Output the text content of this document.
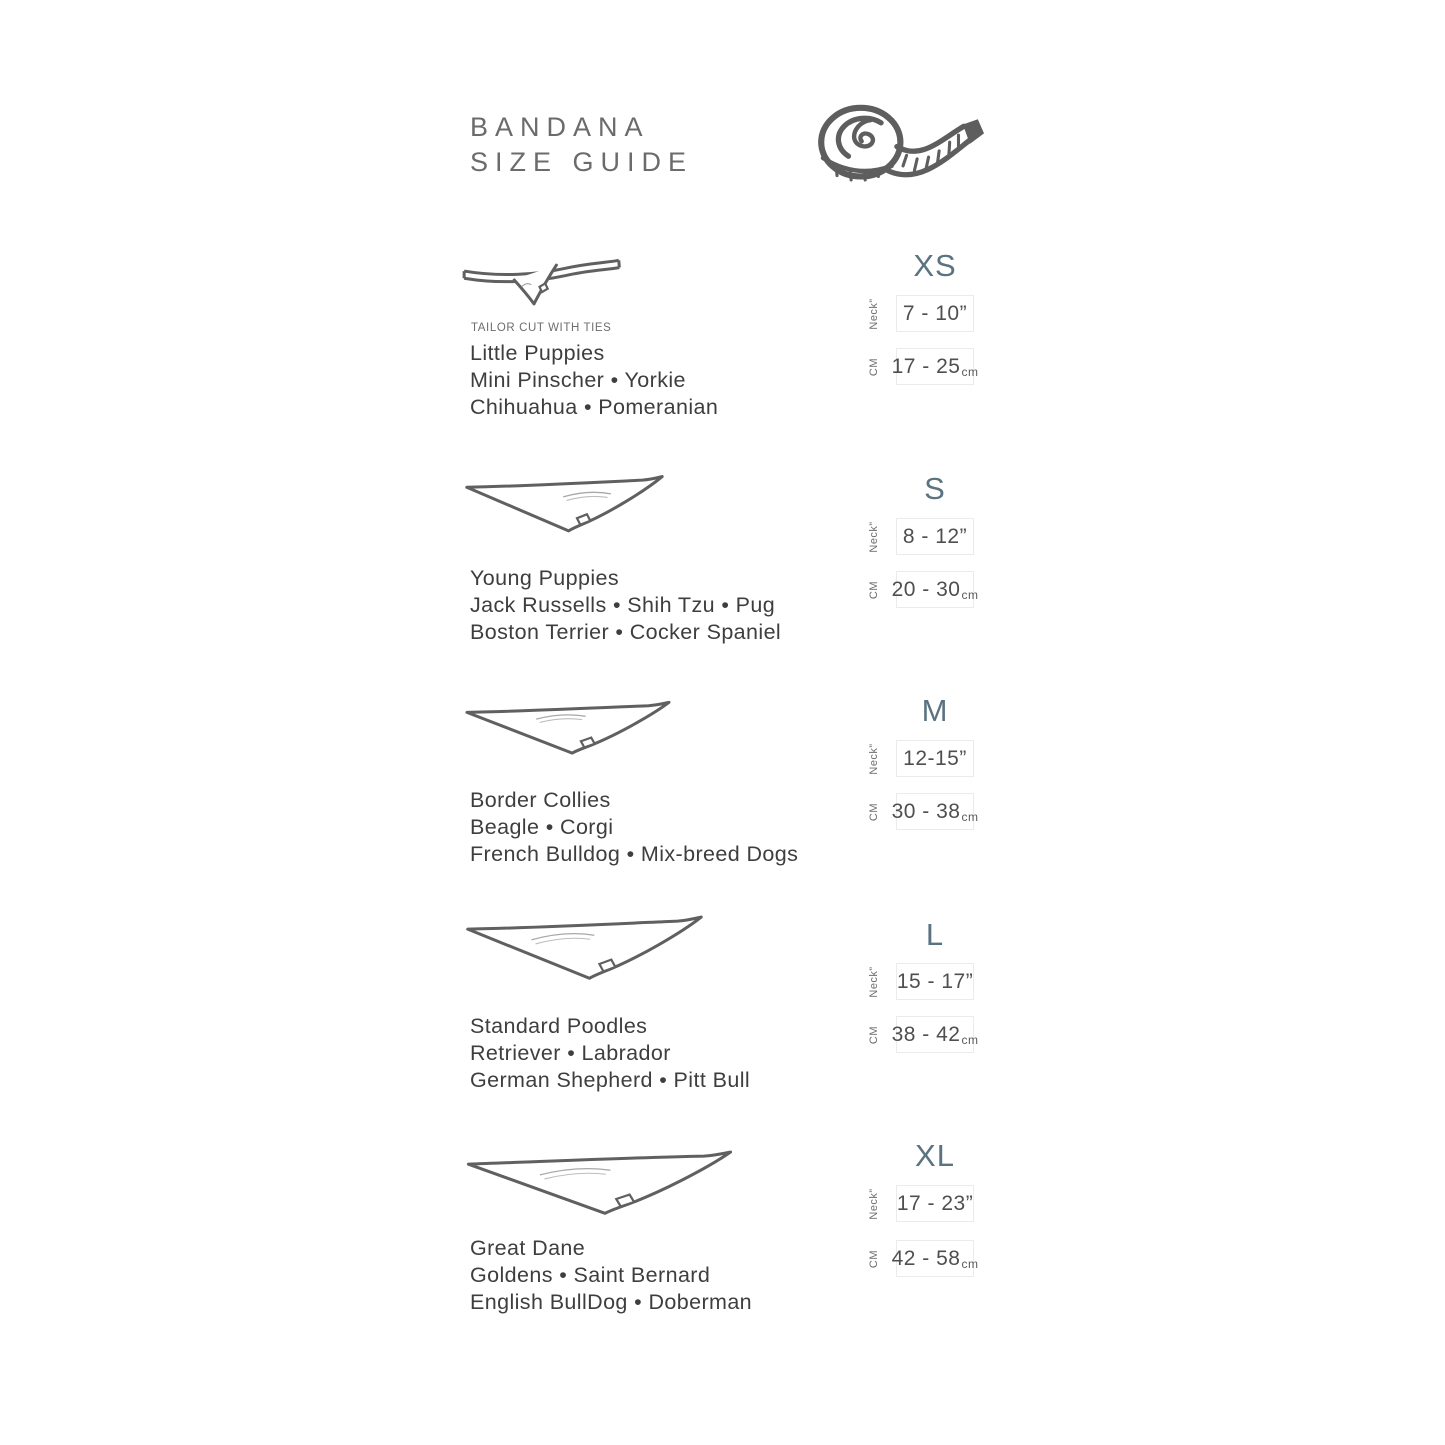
BANDANA
SIZE GUIDE
TAILOR CUT WITH TIES
Little Puppies
Mini Pinscher • Yorkie
Chihuahua • Pomeranian
XS
Neck”	7 - 10”
CM 17 - 25 cm
Young Puppies
Jack Russells • Shih Tzu • Pug
Boston Terrier • Cocker Spaniel
S
Neck”	8 - 12”
CM 20 - 30 cm
Border Collies
Beagle • Corgi
French Bulldog • Mix-breed Dogs
M
Neck”	12-15”
CM 30 - 38 cm
Standard Poodles
Retriever • Labrador
German Shepherd • Pitt Bull
L
Neck” 15 - 17”
CM 38 - 42 cm
Great Dane
Goldens • Saint Bernard
English BullDog • Doberman
XL
Neck” 17 - 23”
CM 42 - 58 cm
